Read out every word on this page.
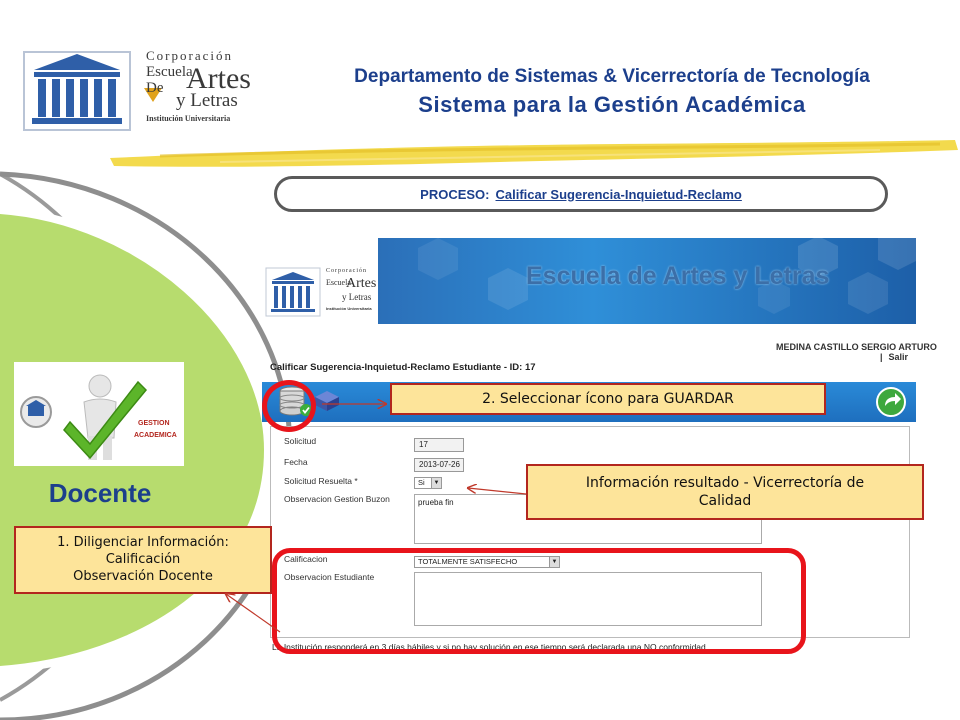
Corporación
Escuela
De Artes
y Letras
Institución Universitaria
Departamento de Sistemas & Vicerrectoría de Tecnología
Sistema para la Gestión Académica
PROCESO: Calificar Sugerencia-Inquietud-Reclamo
GESTION
ACADEMICA
Docente
Corporación
Escuela
Artes
y Letras
Institución Universitaria
Escuela de Artes y Letras
MEDINA CASTILLO SERGIO ARTURO
| Salir
Calificar Sugerencia-Inquietud-Reclamo Estudiante - ID: 17
Solicitud	17
Fecha	2013-07-26
Solicitud Resuelta *	Si	▼
Observacion Gestion Buzon	prueba fin
Calificacion	TOTALMENTE SATISFECHO	▼
Observacion Estudiante
La Institución responderá en 3 días hábiles y si no hay solución en ese tiempo será declarada una NO conformidad.
1. Diligenciar Información:
Calificación
Observación Docente
2. Seleccionar ícono para GUARDAR
Información resultado - Vicerrectoría de
Calidad
